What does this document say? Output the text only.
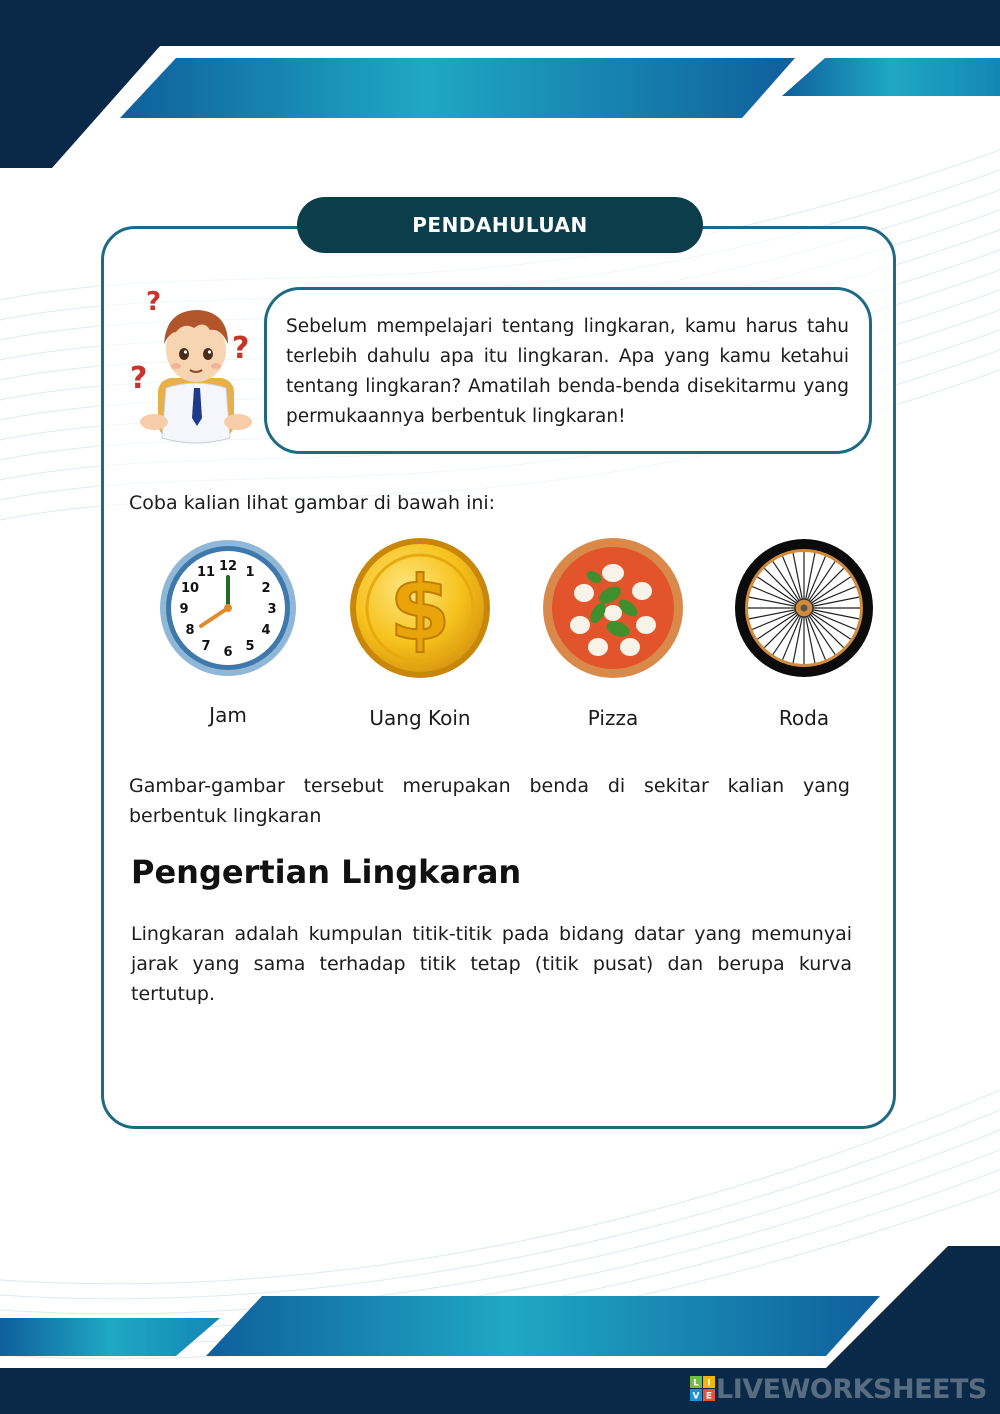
PENDAHULUAN
?
?
?

Sebelum mempelajari tentang lingkaran, kamu harus tahu terlebih dahulu apa itu lingkaran. Apa yang kamu ketahui tentang lingkaran? Amatilah benda-benda disekitarmu yang permukaannya berbentuk lingkaran!

Coba kalian lihat gambar di bawah ini:
12 1
2
3
4
5
6
7
8
9
10
11 $
Jam	Uang Koin	Pizza	Roda
Gambar-gambar tersebut merupakan benda di sekitar kalian yang berbentuk lingkaran
Pengertian Lingkaran
Lingkaran adalah kumpulan titik-titik pada bidang datar yang memunyai jarak yang sama terhadap titik tetap (titik pusat) dan berupa kurva tertutup.
L I
V E LIVEWORKSHEETS
